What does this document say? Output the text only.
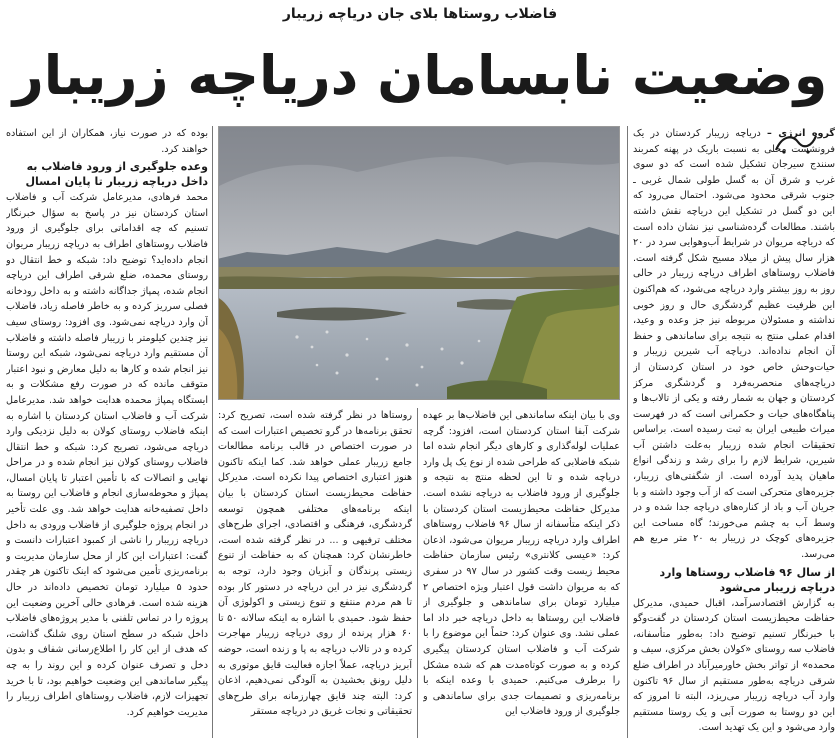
فاضلاب روستاها بلای جان دریاچه زریبار
وضعیت نابسامان دریاچه زریبار

بوده که در صورت نیاز، همکاران از این استفاده خواهند کرد.

وعده جلوگیری از ورود فاضلاب به داخل دریاچه زریبار تا پایان امسال

محمد فرهادی، مدیرعامل شرکت آب و فاضلاب استان کردستان نیز در پاسخ به سؤال خبرنگار تسنیم که چه اقداماتی برای جلوگیری از ورود فاضلاب روستاهای اطراف به دریاچه زریبار مریوان انجام داده‌اید؟ توضیح داد: شبکه و خط انتقال دو روستای محمده، ضلع شرقی اطراف این دریاچه انجام شده، پمپاژ جداگانه داشته و به داخل رودخانه فصلی سرریز کرده و به خاطر فاصله زیاد، فاضلاب آن وارد دریاچه نمی‌شود. وی افزود: روستای سیف نیز چندین کیلومتر با زریبار فاصله داشته و فاضلاب آن مستقیم وارد دریاچه نمی‌شود، شبکه این روستا نیز انجام شده و کارها به دلیل معارض و نبود اعتبار متوقف مانده که در صورت رفع مشکلات و به ایستگاه پمپاژ محمده هدایت خواهد شد. مدیرعامل شرکت آب و فاضلاب استان کردستان با اشاره به اینکه فاضلاب روستای کولان به دلیل نزدیکی وارد دریاچه می‌شود، تصریح کرد: شبکه و خط انتقال فاضلاب روستای کولان نیز انجام شده و در مراحل نهایی و اتصالات که با تأمین اعتبار تا پایان امسال، پمپاژ و محوطه‌سازی انجام و فاضلاب این روستا به داخل تصفیه‌خانه هدایت خواهد شد. وی علت تأخیر در انجام پروژه جلوگیری از فاضلاب ورودی به داخل دریاچه زریبار را ناشی از کمبود اعتبارات دانست و گفت: اعتبارات این کار از محل سازمان مدیریت و برنامه‌ریزی تأمین می‌شود که اینک تاکنون هر چقدر حدود ۵ میلیارد تومان تخصیص داده‌اند در حال هزینه شده است. فرهادی حالی آخرین وضعیت این پروژه را در تماس تلفنی با مدیر پروژه‌های فاضلاب داخل شبکه در سطح استان روی شلنگ گذاشت، که هدف از این کار را اطلاع‌رسانی شفاف و بدون دخل و تصرف عنوان کرده و این روند را به چه پیگیر ساماندهی این وضعیت خواهیم بود، تا با خرید تجهیزات لازم، فاضلاب روستاهای اطراف زریبار را مدیریت خواهیم کرد.

روستاها در نظر گرفته شده است، تصریح کرد: تحقق برنامه‌ها در گرو تخصیص اعتبارات است که در صورت اختصاص در قالب برنامه مطالعات جامع زریبار عملی خواهد شد. کما اینکه تاکنون هنوز اعتباری اختصاص پیدا نکرده است. مدیرکل حفاظت محیط‌زیست استان کردستان با بیان اینکه برنامه‌های مختلفی همچون توسعه گردشگری، فرهنگی و اقتصادی، اجرای طرح‌های مختلف ترفیهی و ... در نظر گرفته شده است، خاطرنشان کرد: همچنان که به حفاظت از تنوع زیستی پرندگان و آبزیان وجود دارد، توجه به گردشگری نیز در این دریاچه در دستور کار بوده تا هم مردم منتفع و تنوع زیستی و اکولوژی آن حفظ شود. حمیدی با اشاره به اینکه سالانه ۵۰ تا ۶۰ هزار پرنده از روی دریاچه زریبار مهاجرت کرده و در تالاب دریاچه به پا و زنده است، حوضه آبریز دریاچه، عملاً اجازه فعالیت قایق موتوری به دلیل رونق بخشیدن به آلودگی نمی‌دهیم، اذعان کرد: البته چند قایق چهارزمانه برای طرح‌های تحقیقاتی و نجات غریق در دریاچه مستقر

وی با بیان اینکه ساماندهی این فاضلاب‌ها بر عهده شرکت آبفا استان کردستان است، افزود: گرچه عملیات لوله‌گذاری و کارهای دیگر انجام شده اما شبکه فاضلابی که طراحی شده از نوع یک پل وارد دریاچه شده و تا این لحظه منتج به نتیجه و جلوگیری از ورود فاضلاب به دریاچه نشده است. مدیرکل حفاظت محیط‌زیست استان کردستان با ذکر اینکه متأسفانه از سال ۹۶ فاضلاب روستاهای اطراف وارد دریاچه زریبار مریوان می‌شود، اذعان کرد: «عیسی کلانتری» رئیس سازمان حفاظت محیط زیست وقت کشور در سال ۹۷ در سفری که به مریوان داشت قول اعتبار ویژه اختصاص ۲ میلیارد تومان برای ساماندهی و جلوگیری از فاضلاب این روستاها به داخل دریاچه خبر داد اما عملی نشد. وی عنوان کرد: حتماً این موضوع را با شرکت آب و فاضلاب استان کردستان پیگیری کرده و به صورت کوتاه‌مدت هم که شده مشکل را برطرف می‌کنیم. حمیدی با وعده اینکه با برنامه‌ریزی و تصمیمات جدی برای ساماندهی و جلوگیری از ورود فاضلاب این

گروه انرژی – دریاچه زریبار کردستان در یک فرونشست محلی به نسبت باریک در پهنه کمربند سنندج سیرجان تشکیل شده است که دو سوی غرب و شرق آن به گسل طولی شمال غربی ـ جنوب شرقی محدود می‌شود. احتمال می‌رود که این دو گسل در تشکیل این دریاچه نقش داشته باشند. مطالعات گرده‌شناسی نیز نشان داده است که دریاچه مریوان در شرایط آب‌وهوایی سرد در ۲۰ هزار سال پیش از میلاد مسیح شکل گرفته است. فاضلاب روستاهای اطراف دریاچه زریبار در حالی روز به روز بیشتر وارد دریاچه می‌شود، که هم‌اکنون این ظرفیت عظیم گردشگری حال و روز خوبی نداشته و مسئولان مربوطه نیز جز وعده و وعید، اقدام عملی منتج به نتیجه برای ساماندهی و حفظ آن انجام نداده‌اند. دریاچه آب شیرین زریبار و حیات‌وحش خاص خود در استان کردستان از دریاچه‌های منحصربه‌فرد و گردشگری مرکز کردستان و جهان به شمار رفته و یکی از تالاب‌ها و پناهگاه‌های حیات و حکمرانی است که در فهرست میراث طبیعی ایران به ثبت رسیده است. براساس تحقیقات انجام شده زریبار به‌علت داشتن آب شیرین، شرایط لازم را برای رشد و زندگی انواع ماهیان پدید آورده است. از شگفتی‌های زریبار، جزیره‌های متحرکی است که از آب وجود داشته و با جریان آب و باد از کناره‌های دریاچه جدا شده و در وسط آب به چشم می‌خورند؛ گاه مساحت این جزیره‌های کوچک در زریبار به ۲۰ متر مربع هم می‌رسد.

از سال ۹۶ فاضلاب روستاها وارد دریاچه زریبار می‌شود

به گزارش اقتصادسرآمد، اقبال حمیدی، مدیرکل حفاظت محیط‌زیست استان کردستان در گفت‌وگو با خبرنگار تسنیم توضیح داد: به‌طور متأسفانه، فاضلاب سه روستای «کولان بخش مرکزی، سیف و محمده» از تواتر بخش خاورمیرآباد در اطراف ضلع شرقی دریاچه به‌طور مستقیم از سال ۹۶ تاکنون وارد آب دریاچه زریبار می‌ریزد، البته تا امروز که این دو روستا به صورت آبی و یک روستا مستقیم وارد می‌شود و این یک تهدید است.
